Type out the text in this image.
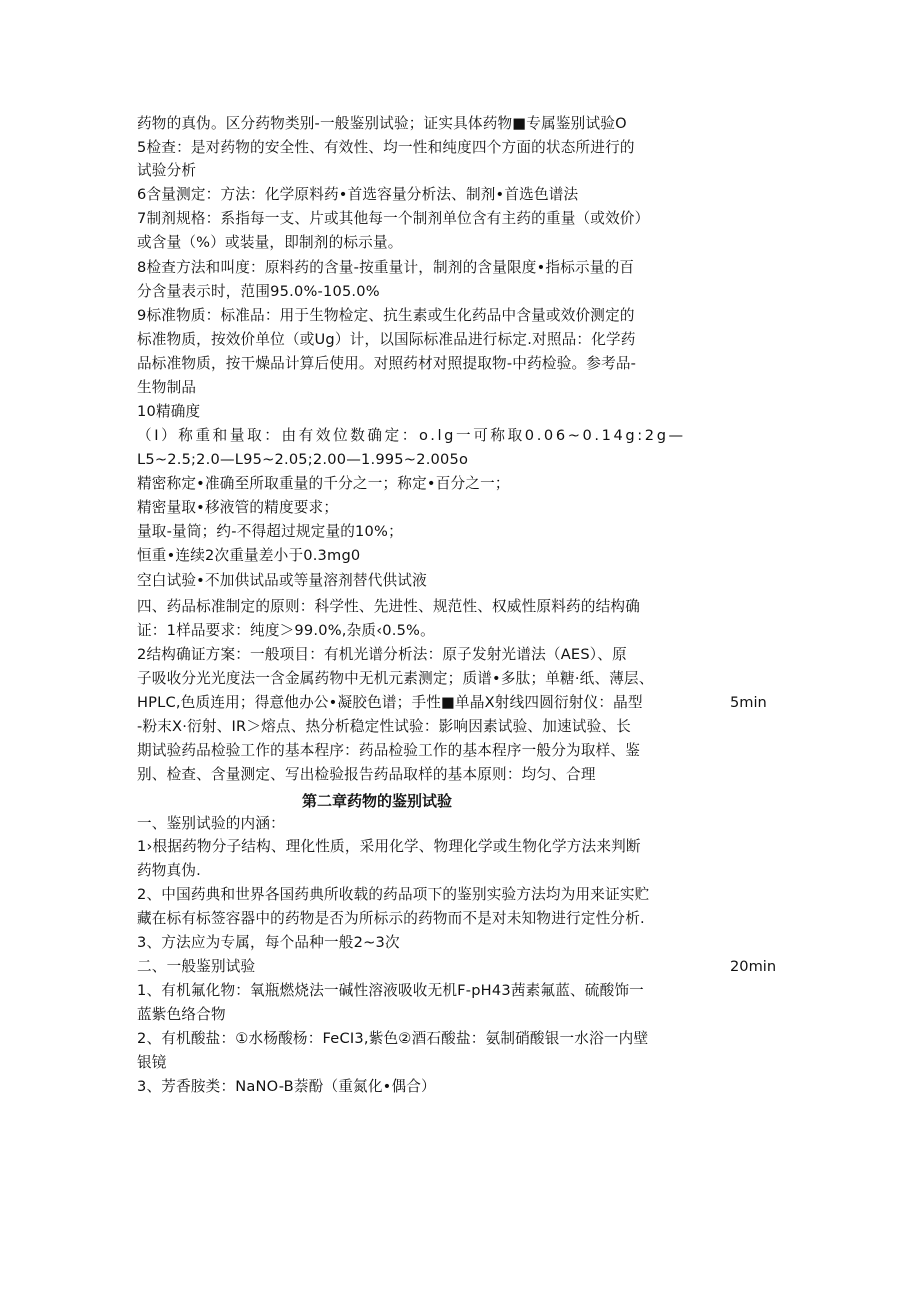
药物的真伪。区分药物类别-一般鉴别试验；证实具体药物■专属鉴别试验O
5检查：是对药物的安全性、有效性、均一性和纯度四个方面的状态所进行的
试验分析
6含量测定：方法：化学原料药•首选容量分析法、制剂•首选色谱法
7制剂规格：系指每一支、片或其他每一个制剂单位含有主药的重量（或效价）
或含量（%）或装量，即制剂的标示量。
8检查方法和叫度：原料药的含量-按重量计，制剂的含量限度•指标示量的百
分含量表示时，范围95.0%-105.0%
9标准物质：标准品：用于生物检定、抗生素或生化药品中含量或效价测定的
标准物质，按效价单位（或Ug）计，以国际标准品进行标定.对照品：化学药
品标准物质，按干燥品计算后使用。对照药材对照提取物-中药检验。参考品-
生物制品
10精确度
（I）称重和量取：由有效位数确定：o.lg一可称取0.06~0.14g:2g—
L5~2.5;2.0—L95~2.05;2.00—1.995~2.005o
精密称定•准确至所取重量的千分之一；称定•百分之一；
精密量取•移液管的精度要求；
量取-量筒；约-不得超过规定量的10%；
恒重•连续2次重量差小于0.3mg0
空白试验•不加供试品或等量溶剂替代供试液
四、药品标准制定的原则：科学性、先进性、规范性、权威性原料药的结构确
证：1样品要求：纯度＞99.0%,杂质‹0.5%。
2结构确证方案：一般项目：有机光谱分析法：原子发射光谱法（AES）、原
子吸收分光光度法一含金属药物中无机元素测定；质谱•多肽；单糖·纸、薄层、
HPLC,色质连用；得意他办公•凝胶色谱；手性■单晶X射线四圆衍射仪：晶型
-粉末X·衍射、IR＞熔点、热分析稳定性试验：影响因素试验、加速试验、长
期试验药品检验工作的基本程序：药品检验工作的基本程序一般分为取样、鉴
别、检查、含量测定、写出检验报告药品取样的基本原则：均匀、合理
5min
第二章药物的鉴别试验
一、鉴别试验的内涵：
1›根据药物分子结构、理化性质，采用化学、物理化学或生物化学方法来判断
药物真伪.
2、中国药典和世界各国药典所收载的药品项下的鉴别实验方法均为用来证实贮
藏在标有标签容器中的药物是否为所标示的药物而不是对未知物进行定性分析.
3、方法应为专属，每个品种一般2~3次
二、一般鉴别试验
1、有机氟化物：氧瓶燃烧法一碱性溶液吸收无机F-pH43茜素氟蓝、硫酸饰一
蓝紫色络合物
2、有机酸盐：①水杨酸杨：FeCI3,紫色②酒石酸盐：氨制硝酸银一水浴一内壁
银镜
3、芳香胺类：NaNO-B萘酚（重氮化•偶合）
20min
